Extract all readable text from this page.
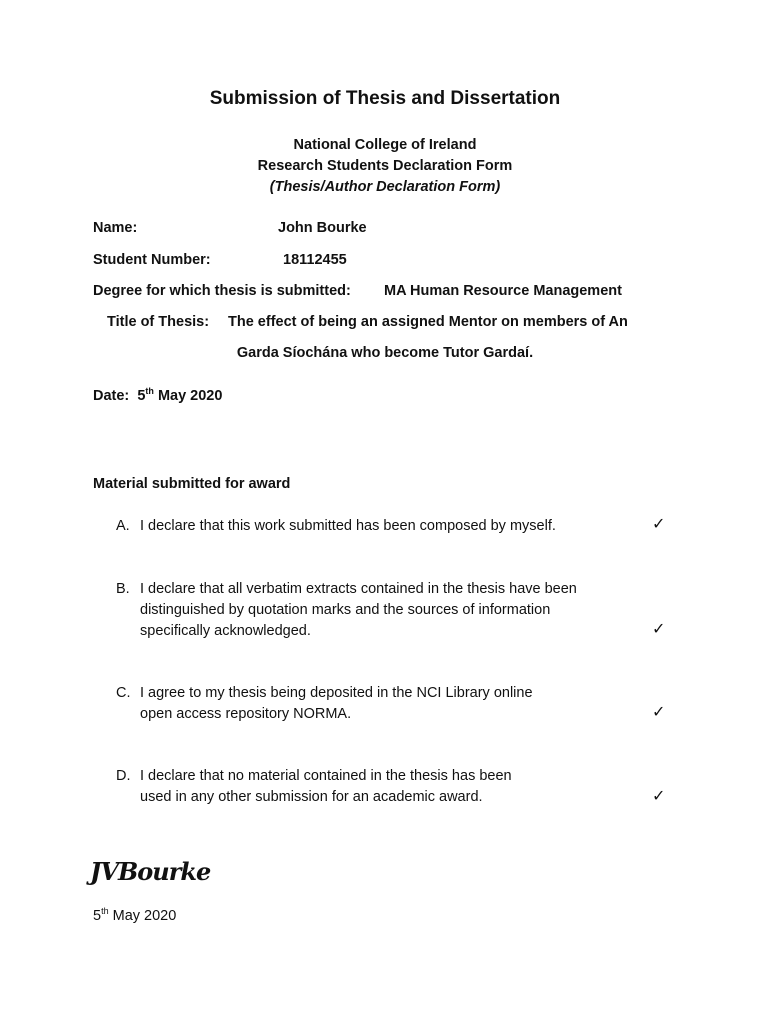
Submission of Thesis and Dissertation
National College of Ireland
Research Students Declaration Form
(Thesis/Author Declaration Form)
Name:	John Bourke
Student Number:	18112455
Degree for which thesis is submitted: MA Human Resource Management
Title of Thesis: The effect of being an assigned Mentor on members of An
Garda Síochána who become Tutor Gardaí.
Date: 5th May 2020
Material submitted for award
A. I declare that this work submitted has been composed by myself.	✓
B. I declare that all verbatim extracts contained in the thesis have been
distinguished by quotation marks and the sources of information
specifically acknowledged.	✓
C. I agree to my thesis being deposited in the NCI Library online
open access repository NORMA.	✓
D. I declare that no material contained in the thesis has been
used in any other submission for an academic award.	✓
JVBourke
5th May 2020
